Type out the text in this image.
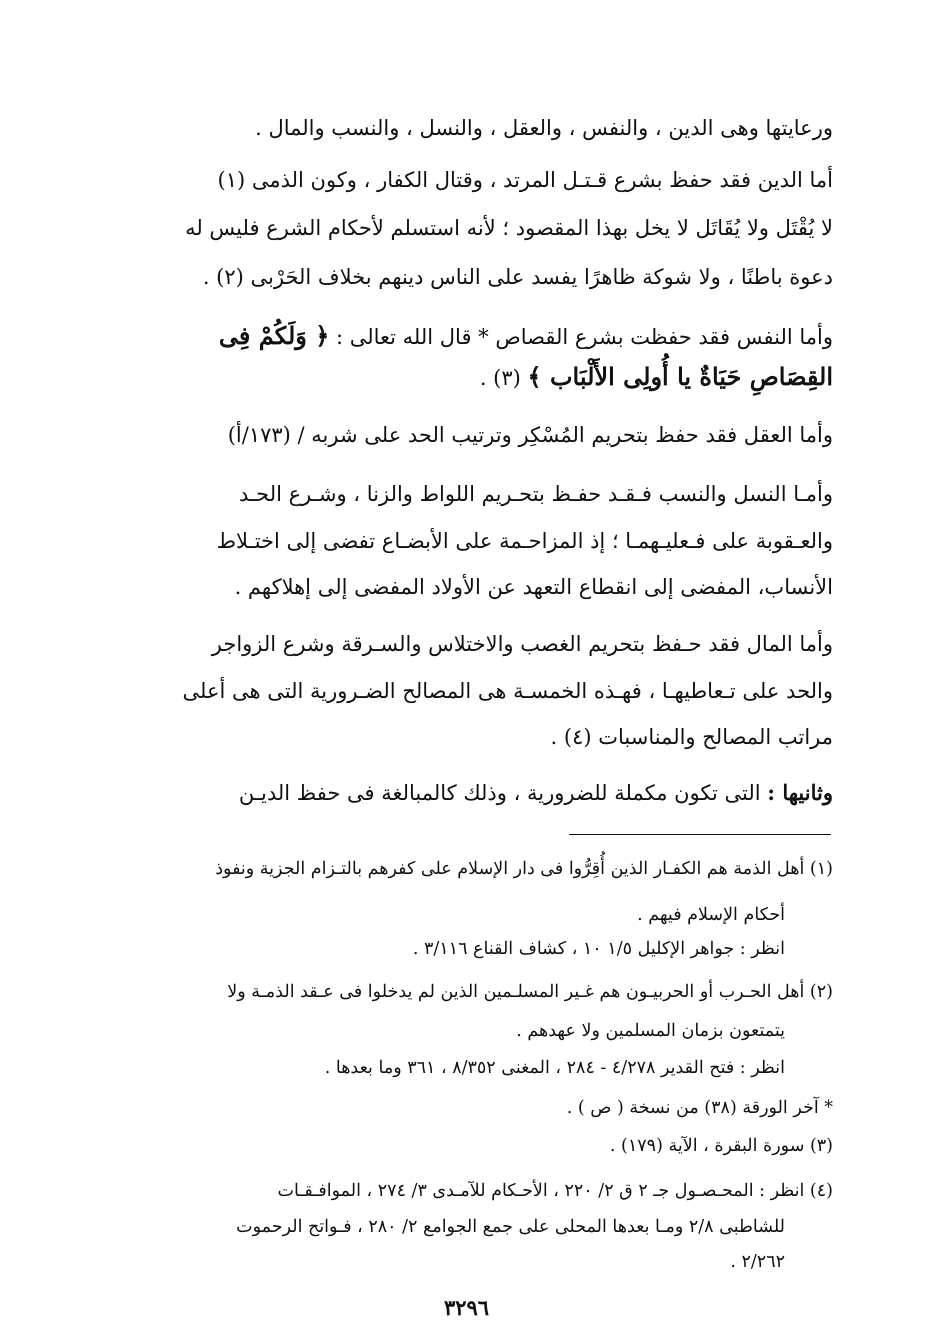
ورعايتها وهى الدين ، والنفس ، والعقل ، والنسل ، والنسب والمال .
أما الدين فقد حفظ بشرع قـتـل المرتد ، وقتال الكفار ، وكون الذمى (١)
لا يُقْتَل ولا يُقَاتَل لا يخل بهذا المقصود ؛ لأنه استسلم لأحكام الشرع فليس له
دعوة باطنًا ، ولا شوكة ظاهرًا يفسد على الناس دينهم بخلاف الحَرْبى (٢) .
وأما النفس فقد حفظت بشرع القصاص * قال الله تعالى : ﴿ وَلَكُمْ فِى
القِصَاصِ حَيَاةٌ يا أُولِى الأَلْبَاب ﴾ (٣) .
وأما العقل فقد حفظ بتحريم المُسْكِر وترتيب الحد على شربه / (١٧٣/أ)
وأمـا النسل والنسب فـقـد حفـظ بتحـريم اللواط والزنا ، وشـرع الحـد
والعـقوبة على فـعليـهمـا ؛ إذ المزاحـمة على الأبضـاع تفضى إلى اختـلاط
الأنساب، المفضى إلى انقطاع التعهد عن الأولاد المفضى إلى إهلاكهم .
وأما المال فقد حـفظ بتحريم الغصب والاختلاس والسـرقة وشرع الزواجر
والحد على تـعاطيهـا ، فهـذه الخمسـة هى المصالح الضـرورية التى هى أعلى
مراتب المصالح والمناسبات (٤) .
وثانيها : التى تكون مكملة للضرورية ، وذلك كالمبالغة فى حفظ الديـن
(١) أهل الذمة هم الكفـار الذين أُقِرُّوا فى دار الإسلام على كفرهم بالتـزام الجزية ونفوذ
أحكام الإسلام فيهم .
انظر : جواهر الإكليل ١/٥ ١٠ ، كشاف القناع ٣/١١٦ .
(٢) أهل الحـرب أو الحربيـون هم غـير المسلـمين الذين لم يدخلوا فى عـقد الذمـة ولا
يتمتعون بزمان المسلمين ولا عهدهم .
انظر : فتح القدير ٤/٢٧٨ - ٢٨٤ ، المغنى ٨/٣٥٢ ، ٣٦١ وما بعدها .
* آخر الورقة (٣٨) من نسخة ( ص ) .
(٣) سورة البقرة ، الآية (١٧٩) .
(٤) انظر : المحـصـول جـ ٢ ق ٢/ ٢٢٠ ، الأحـكام للآمـدى ٣/ ٢٧٤ ، الموافـقـات
للشاطبى ٢/٨ ومـا بعدها المحلى على جمع الجوامع ٢/ ٢٨٠ ، فـواتح الرحموت
٢/٢٦٢ .
٣٢٩٦
